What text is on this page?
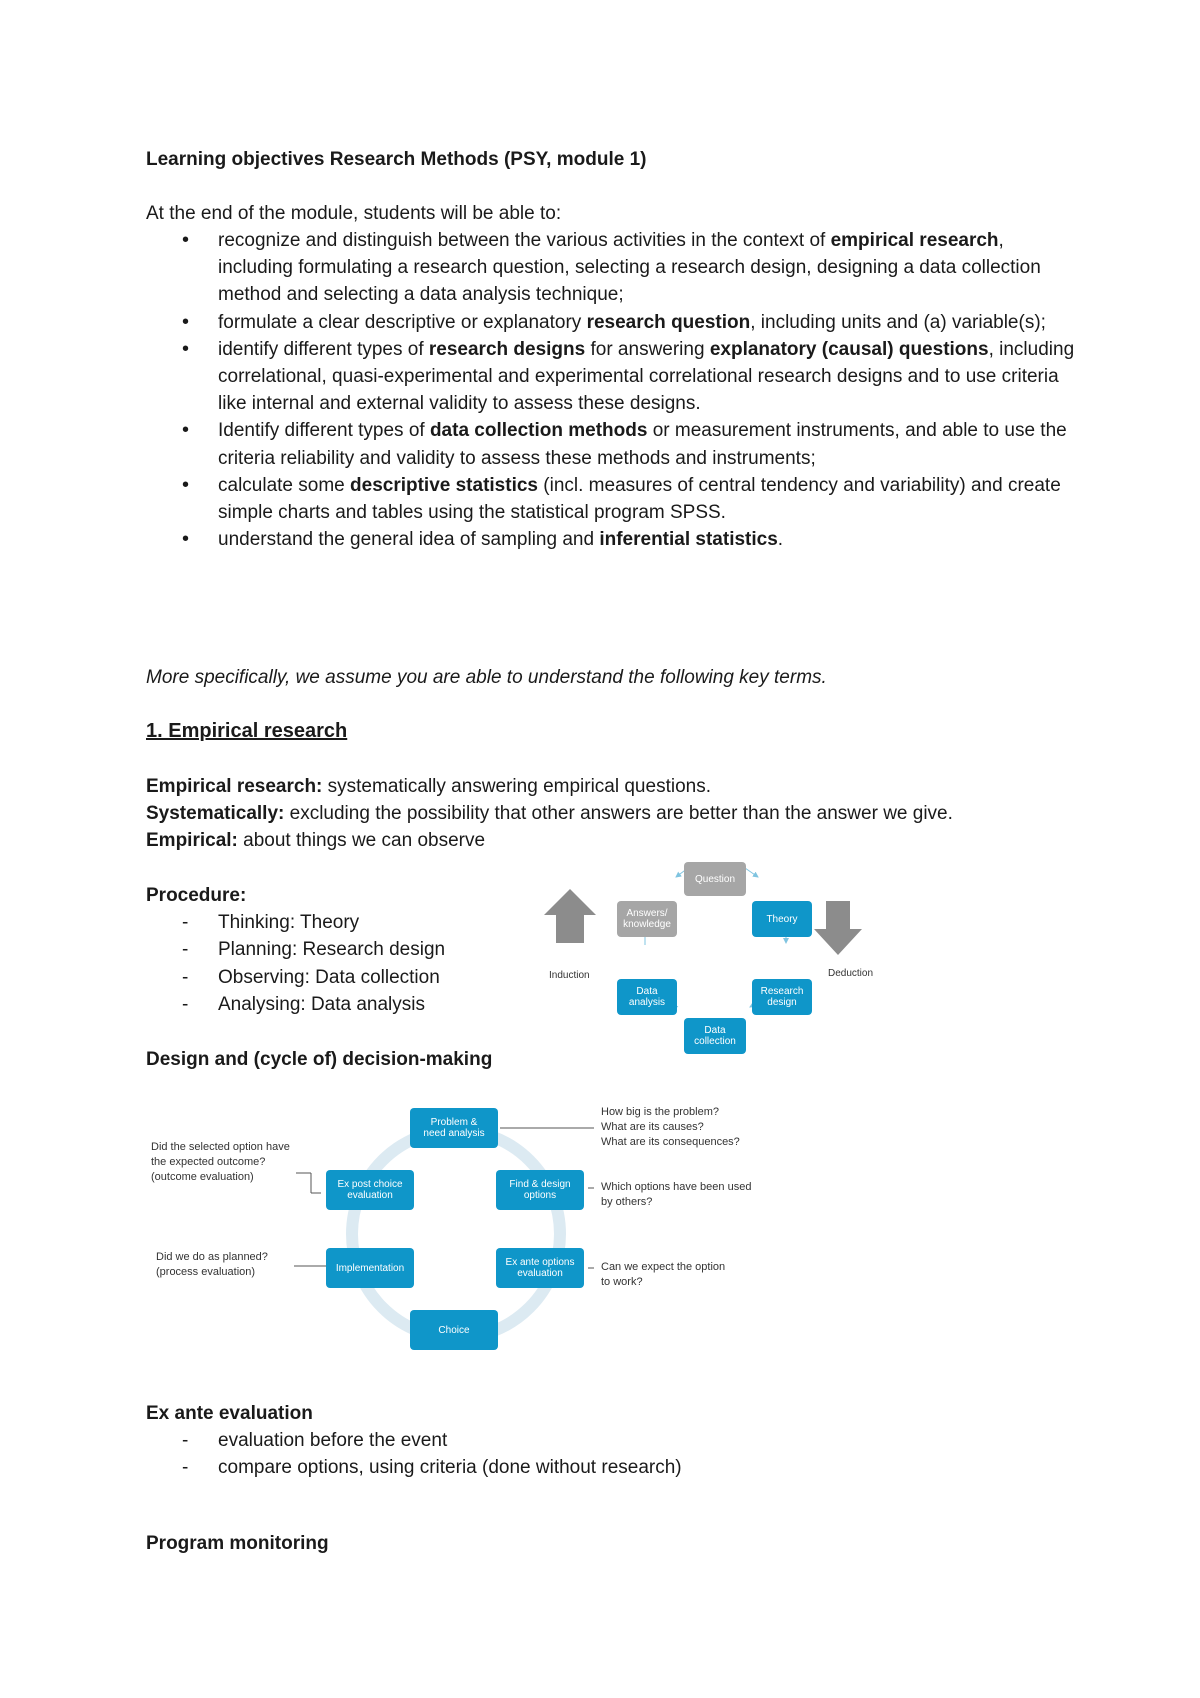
Learning objectives Research Methods (PSY, module 1)
At the end of the module, students will be able to:
• recognize and distinguish between the various activities in the context of empirical research, including formulating a research question, selecting a research design, designing a data collection method and selecting a data analysis technique;
• formulate a clear descriptive or explanatory research question, including units and (a) variable(s);
• identify different types of research designs for answering explanatory (causal) questions, including correlational, quasi-experimental and experimental correlational research designs and to use criteria like internal and external validity to assess these designs.
• Identify different types of data collection methods or measurement instruments, and able to use the criteria reliability and validity to assess these methods and instruments;
• calculate some descriptive statistics (incl. measures of central tendency and variability) and create simple charts and tables using the statistical program SPSS.
• understand the general idea of sampling and inferential statistics.
More specifically, we assume you are able to understand the following key terms.
1. Empirical research
Empirical research: systematically answering empirical questions.
Systematically: excluding the possibility that other answers are better than the answer we give.
Empirical: about things we can observe
Procedure:
- Thinking: Theory
- Planning: Research design
- Observing: Data collection
- Analysing: Data analysis
Question
Theory
Research
design
Data
collection
Data
analysis
Answers/
knowledge
Induction	Deduction
Design and (cycle of) decision-making
Problem &
need analysis
Find & design
options
Ex ante options
evaluation
Choice
Implementation
Ex post choice
evaluation
How big is the problem?
What are its causes?
What are its consequences?
Which options have been used
by others?
Can we expect the option
to work?
Did the selected option have
the expected outcome?
(outcome evaluation)
Did we do as planned?
(process evaluation)
Ex ante evaluation
- evaluation before the event
- compare options, using criteria (done without research)
Program monitoring
